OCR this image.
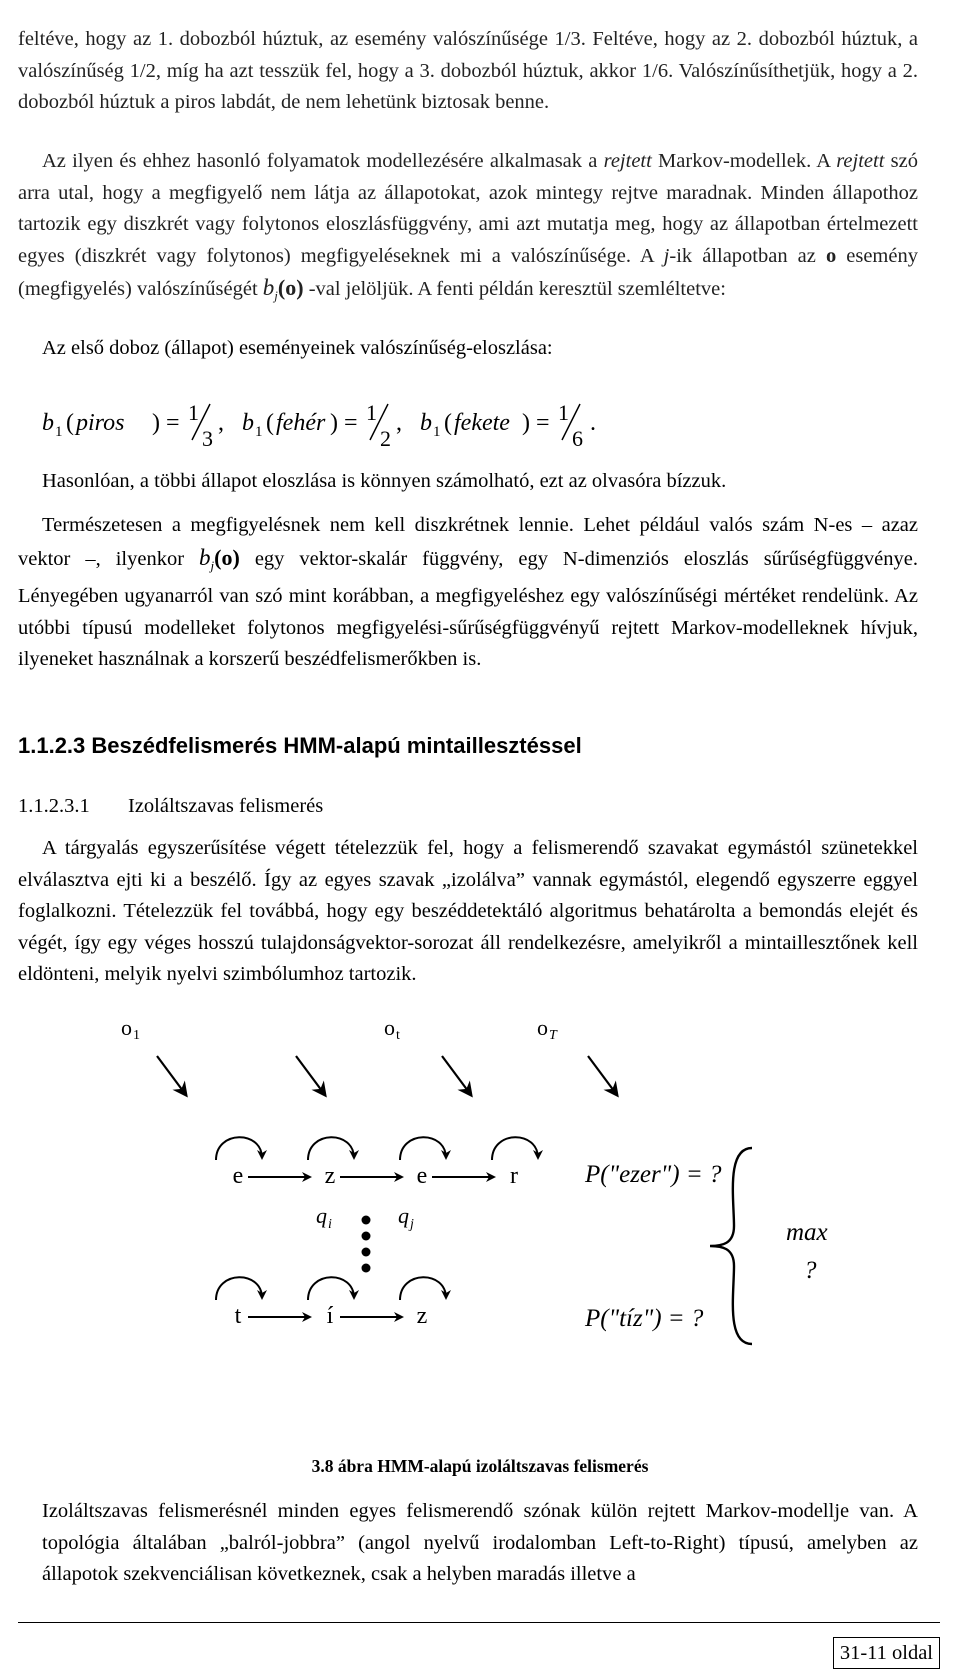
feltéve, hogy az 1. dobozból húztuk, az esemény valószínűsége 1/3. Feltéve, hogy az 2. dobozból húztuk, a valószínűség 1/2, míg ha azt tesszük fel, hogy a 3. dobozból húztuk, akkor 1/6. Valószínűsíthetjük, hogy a 2. dobozból húztuk a piros labdát, de nem lehetünk biztosak benne.

Az ilyen és ehhez hasonló folyamatok modellezésére alkalmasak a rejtett Markov-modellek. A rejtett szó arra utal, hogy a megfigyelő nem látja az állapotokat, azok mintegy rejtve maradnak. Minden állapothoz tartozik egy diszkrét vagy folytonos eloszlásfüggvény, ami azt mutatja meg, hogy az állapotban értelmezett egyes (diszkrét vagy folytonos) megfigyeléseknek mi a valószínűsége. A j-ik állapotban az o esemény (megfigyelés) valószínűségét $b_j(o)$ -val jelöljük. A fenti példán keresztül szemléltetve:

Az első doboz (állapot) eseményeinek valószínűség-eloszlása:

b 1 ( piros ) = 1
3
, b 1 ( fehér ) = 1
2
, b 1 ( fekete ) = 1
6
.

Hasonlóan, a többi állapot eloszlása is könnyen számolható, ezt az olvasóra bízzuk.

Természetesen a megfigyelésnek nem kell diszkrétnek lennie. Lehet például valós szám N-es – azaz vektor –, ilyenkor $b_j(o)$ egy vektor-skalár függvény, egy N-dimenziós eloszlás sűrűségfüggvénye. Lényegében ugyanarról van szó mint korábban, a megfigyeléshez egy valószínűségi mértéket rendelünk. Az utóbbi típusú modelleket folytonos megfigyelési-sűrűségfüggvényű rejtett Markov-modelleknek hívjuk, ilyeneket használnak a korszerű beszédfelismerőkben is.

1.1.2.3 Beszédfelismerés HMM-alapú mintaillesztéssel
1.1.2.3.1 Izoláltszavas felismerés

A tárgyalás egyszerűsítése végett tételezzük fel, hogy a felismerendő szavakat egymástól szünetekkel elválasztva ejti ki a beszélő. Így az egyes szavak „izolálva” vannak egymástól, elegendő egyszerre eggyel foglalkozni. Tételezzük fel továbbá, hogy egy beszéddetektáló algoritmus behatárolta a bemondás elejét és végét, így egy véges hosszú tulajdonságvektor-sorozat áll rendelkezésre, amelyikről a mintaillesztőnek kell eldönteni, melyik nyelvi szimbólumhoz tartozik.

o 1	o t	o T
e	z	e	r
q i	q j
t	í	z
P("ezer") = ?
P("tíz") = ?
max
?
3.8 ábra HMM-alapú izoláltszavas felismerés

Izoláltszavas felismerésnél minden egyes felismerendő szónak külön rejtett Markov-modellje van. A topológia általában „balról-jobbra” (angol nyelvű irodalomban Left-to-Right) típusú, amelyben az állapotok szekvenciálisan következnek, csak a helyben maradás illetve a

31-11 oldal
